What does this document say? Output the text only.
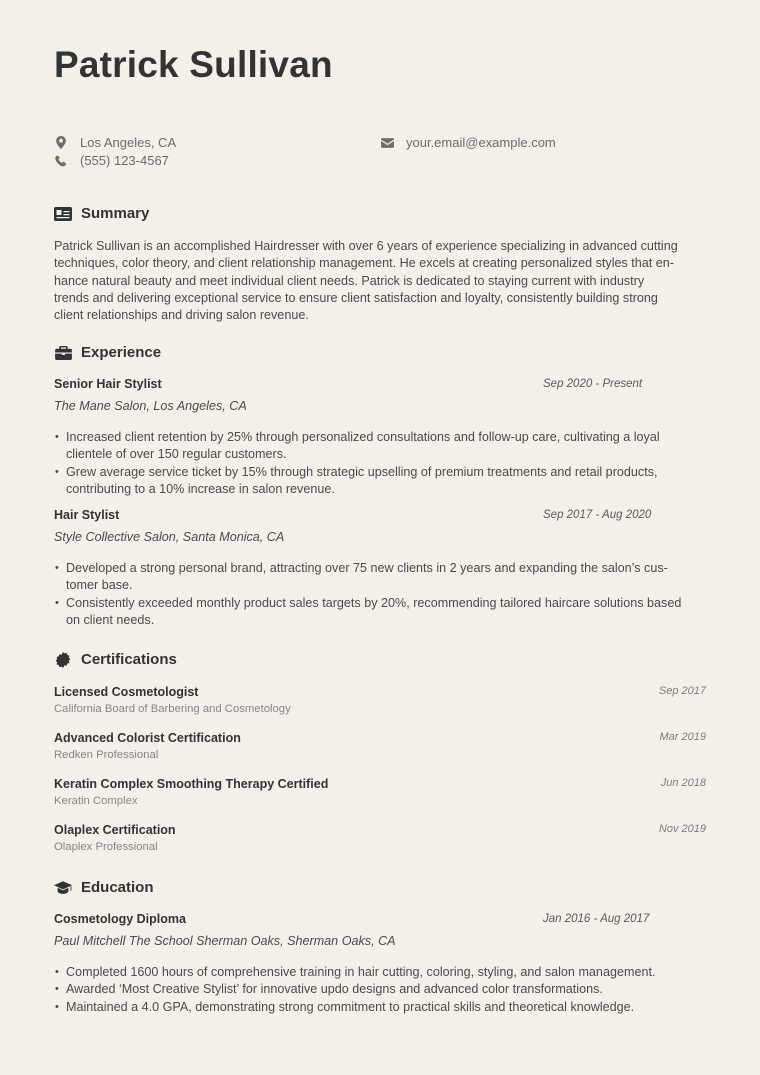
Patrick Sullivan
Los Angeles, CA
(555) 123-4567
your.email@example.com
Summary

Patrick Sullivan is an accomplished Hairdresser with over 6 years of experience specializing in advanced cutting
techniques, color theory, and client relationship management. He excels at creating personalized styles that en-
hance natural beauty and meet individual client needs. Patrick is dedicated to staying current with industry
trends and delivering exceptional service to ensure client satisfaction and loyalty, consistently building strong
client relationships and driving salon revenue.

Experience
Senior Hair Stylist	Sep 2020 - Present
The Mane Salon, Los Angeles, CA
• Increased client retention by 25% through personalized consultations and follow-up care, cultivating a loyal
clientele of over 150 regular customers.
• Grew average service ticket by 15% through strategic upselling of premium treatments and retail products,
contributing to a 10% increase in salon revenue.
Hair Stylist	Sep 2017 - Aug 2020
Style Collective Salon, Santa Monica, CA
• Developed a strong personal brand, attracting over 75 new clients in 2 years and expanding the salon’s cus-
tomer base.
• Consistently exceeded monthly product sales targets by 20%, recommending tailored haircare solutions based
on client needs.
Certifications
Licensed Cosmetologist	Sep 2017
California Board of Barbering and Cosmetology
Advanced Colorist Certification	Mar 2019
Redken Professional
Keratin Complex Smoothing Therapy Certified	Jun 2018
Keratin Complex
Olaplex Certification	Nov 2019
Olaplex Professional
Education
Cosmetology Diploma	Jan 2016 - Aug 2017
Paul Mitchell The School Sherman Oaks, Sherman Oaks, CA
• Completed 1600 hours of comprehensive training in hair cutting, coloring, styling, and salon management.
• Awarded ‘Most Creative Stylist’ for innovative updo designs and advanced color transformations.
• Maintained a 4.0 GPA, demonstrating strong commitment to practical skills and theoretical knowledge.
